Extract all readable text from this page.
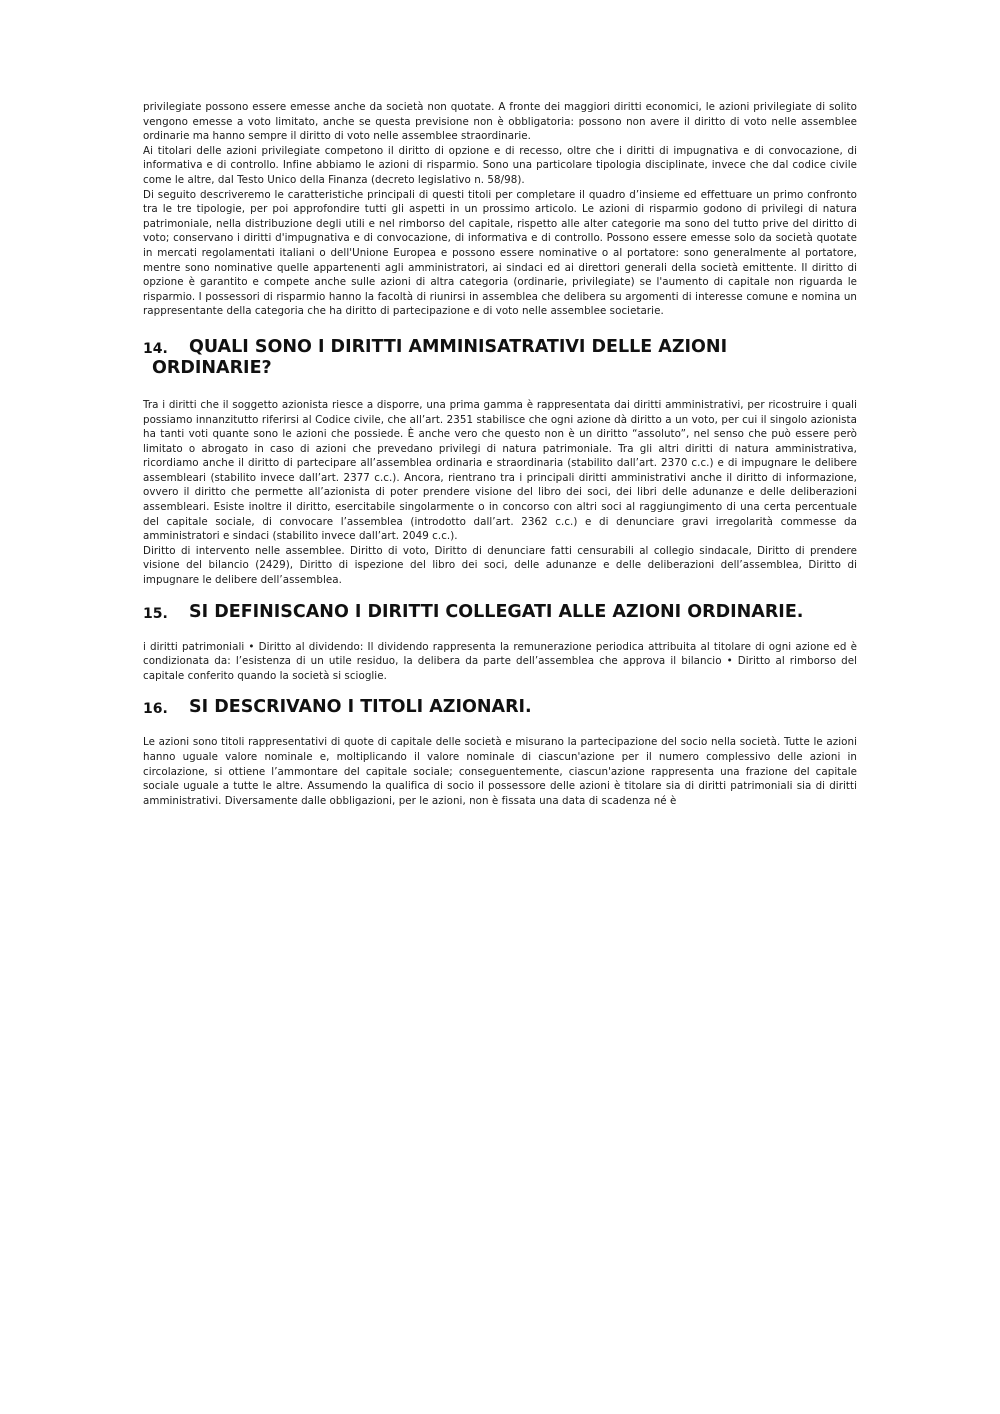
privilegiate possono essere emesse anche da società non quotate. A fronte dei maggiori diritti economici, le azioni privilegiate di solito vengono emesse a voto limitato, anche se questa previsione non è obbligatoria: possono non avere il diritto di voto nelle assemblee ordinarie ma hanno sempre il diritto di voto nelle assemblee straordinarie.
Ai titolari delle azioni privilegiate competono il diritto di opzione e di recesso, oltre che i diritti di impugnativa e di convocazione, di informativa e di controllo. Infine abbiamo le azioni di risparmio. Sono una particolare tipologia disciplinate, invece che dal codice civile come le altre, dal Testo Unico della Finanza (decreto legislativo n. 58/98).
Di seguito descriveremo le caratteristiche principali di questi titoli per completare il quadro d’insieme ed effettuare un primo confronto tra le tre tipologie, per poi approfondire tutti gli aspetti in un prossimo articolo. Le azioni di risparmio godono di privilegi di natura patrimoniale, nella distribuzione degli utili e nel rimborso del capitale, rispetto alle alter categorie ma sono del tutto prive del diritto di voto; conservano i diritti d'impugnativa e di convocazione, di informativa e di controllo. Possono essere emesse solo da società quotate in mercati regolamentati italiani o dell'Unione Europea e possono essere nominative o al portatore: sono generalmente al portatore, mentre sono nominative quelle appartenenti agli amministratori, ai sindaci ed ai direttori generali della società emittente. Il diritto di opzione è garantito e compete anche sulle azioni di altra categoria (ordinarie, privilegiate) se l'aumento di capitale non riguarda le risparmio. I possessori di risparmio hanno la facoltà di riunirsi in assemblea che delibera su argomenti di interesse comune e nomina un rappresentante della categoria che ha diritto di partecipazione e di voto nelle assemblee societarie.

14. QUALI SONO I DIRITTI AMMINISATRATIVI DELLE AZIONI
ORDINARIE?

Tra i diritti che il soggetto azionista riesce a disporre, una prima gamma è rappresentata dai diritti amministrativi, per ricostruire i quali possiamo innanzitutto riferirsi al Codice civile, che all’art. 2351 stabilisce che ogni azione dà diritto a un voto, per cui il singolo azionista ha tanti voti quante sono le azioni che possiede. È anche vero che questo non è un diritto “assoluto”, nel senso che può essere però limitato o abrogato in caso di azioni che prevedano privilegi di natura patrimoniale. Tra gli altri diritti di natura amministrativa, ricordiamo anche il diritto di partecipare all’assemblea ordinaria e straordinaria (stabilito dall’art. 2370 c.c.) e di impugnare le delibere assembleari (stabilito invece dall’art. 2377 c.c.). Ancora, rientrano tra i principali diritti amministrativi anche il diritto di informazione, ovvero il diritto che permette all’azionista di poter prendere visione del libro dei soci, dei libri delle adunanze e delle deliberazioni assembleari. Esiste inoltre il diritto, esercitabile singolarmente o in concorso con altri soci al raggiungimento di una certa percentuale del capitale sociale, di convocare l’assemblea (introdotto dall’art. 2362 c.c.) e di denunciare gravi irregolarità commesse da amministratori e sindaci (stabilito invece dall’art. 2049 c.c.).
Diritto di intervento nelle assemblee. Diritto di voto, Diritto di denunciare fatti censurabili al collegio sindacale, Diritto di prendere visione del bilancio (2429), Diritto di ispezione del libro dei soci, delle adunanze e delle deliberazioni dell’assemblea, Diritto di impugnare le delibere dell’assemblea.

15. SI DEFINISCANO I DIRITTI COLLEGATI ALLE AZIONI ORDINARIE.

i diritti patrimoniali • Diritto al dividendo: Il dividendo rappresenta la remunerazione periodica attribuita al titolare di ogni azione ed è condizionata da: l’esistenza di un utile residuo, la delibera da parte dell’assemblea che approva il bilancio • Diritto al rimborso del capitale conferito quando la società si scioglie.

16. SI DESCRIVANO I TITOLI AZIONARI.

Le azioni sono titoli rappresentativi di quote di capitale delle società e misurano la partecipazione del socio nella società. Tutte le azioni hanno uguale valore nominale e, moltiplicando il valore nominale di ciascun'azione per il numero complessivo delle azioni in circolazione, si ottiene l’ammontare del capitale sociale; conseguentemente, ciascun'azione rappresenta una frazione del capitale sociale uguale a tutte le altre. Assumendo la qualifica di socio il possessore delle azioni è titolare sia di diritti patrimoniali sia di diritti amministrativi. Diversamente dalle obbligazioni, per le azioni, non è fissata una data di scadenza né è
